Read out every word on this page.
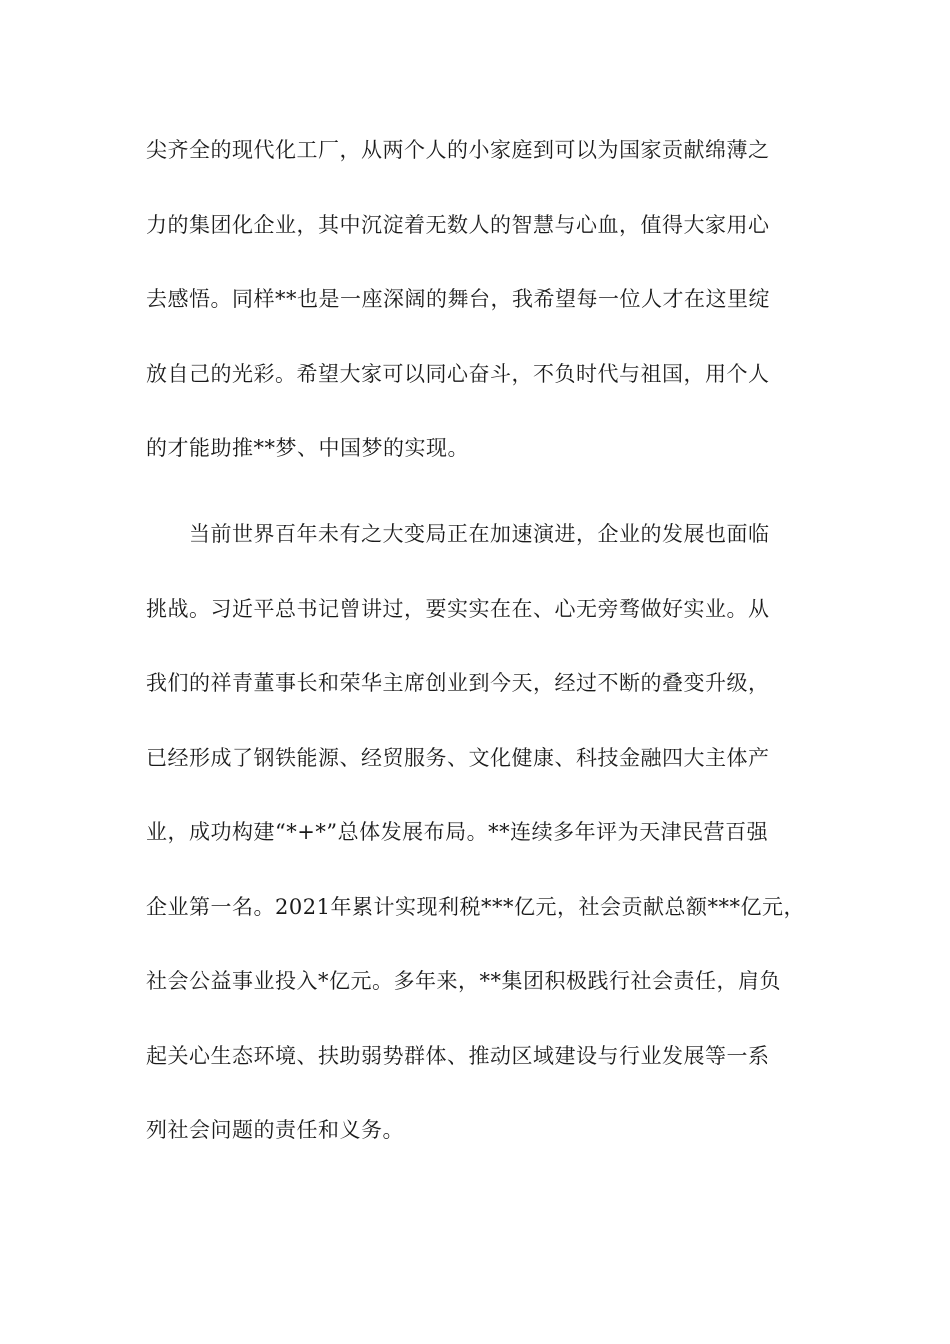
尖齐全的现代化工厂，从两个人的小家庭到可以为国家贡献绵薄之
力的集团化企业，其中沉淀着无数人的智慧与心血，值得大家用心
去感悟。同样**也是一座深阔的舞台，我希望每一位人才在这里绽
放自己的光彩。希望大家可以同心奋斗，不负时代与祖国，用个人
的才能助推**梦、中国梦的实现。
　　当前世界百年未有之大变局正在加速演进，企业的发展也面临
挑战。习近平总书记曾讲过，要实实在在、心无旁骛做好实业。从
我们的祥青董事长和荣华主席创业到今天，经过不断的叠变升级，
已经形成了钢铁能源、经贸服务、文化健康、科技金融四大主体产
业，成功构建“*+*”总体发展布局。**连续多年评为天津民营百强
企业第一名。2021年累计实现利税***亿元，社会贡献总额***亿元，
社会公益事业投入*亿元。多年来，**集团积极践行社会责任，肩负
起关心生态环境、扶助弱势群体、推动区域建设与行业发展等一系
列社会问题的责任和义务。
